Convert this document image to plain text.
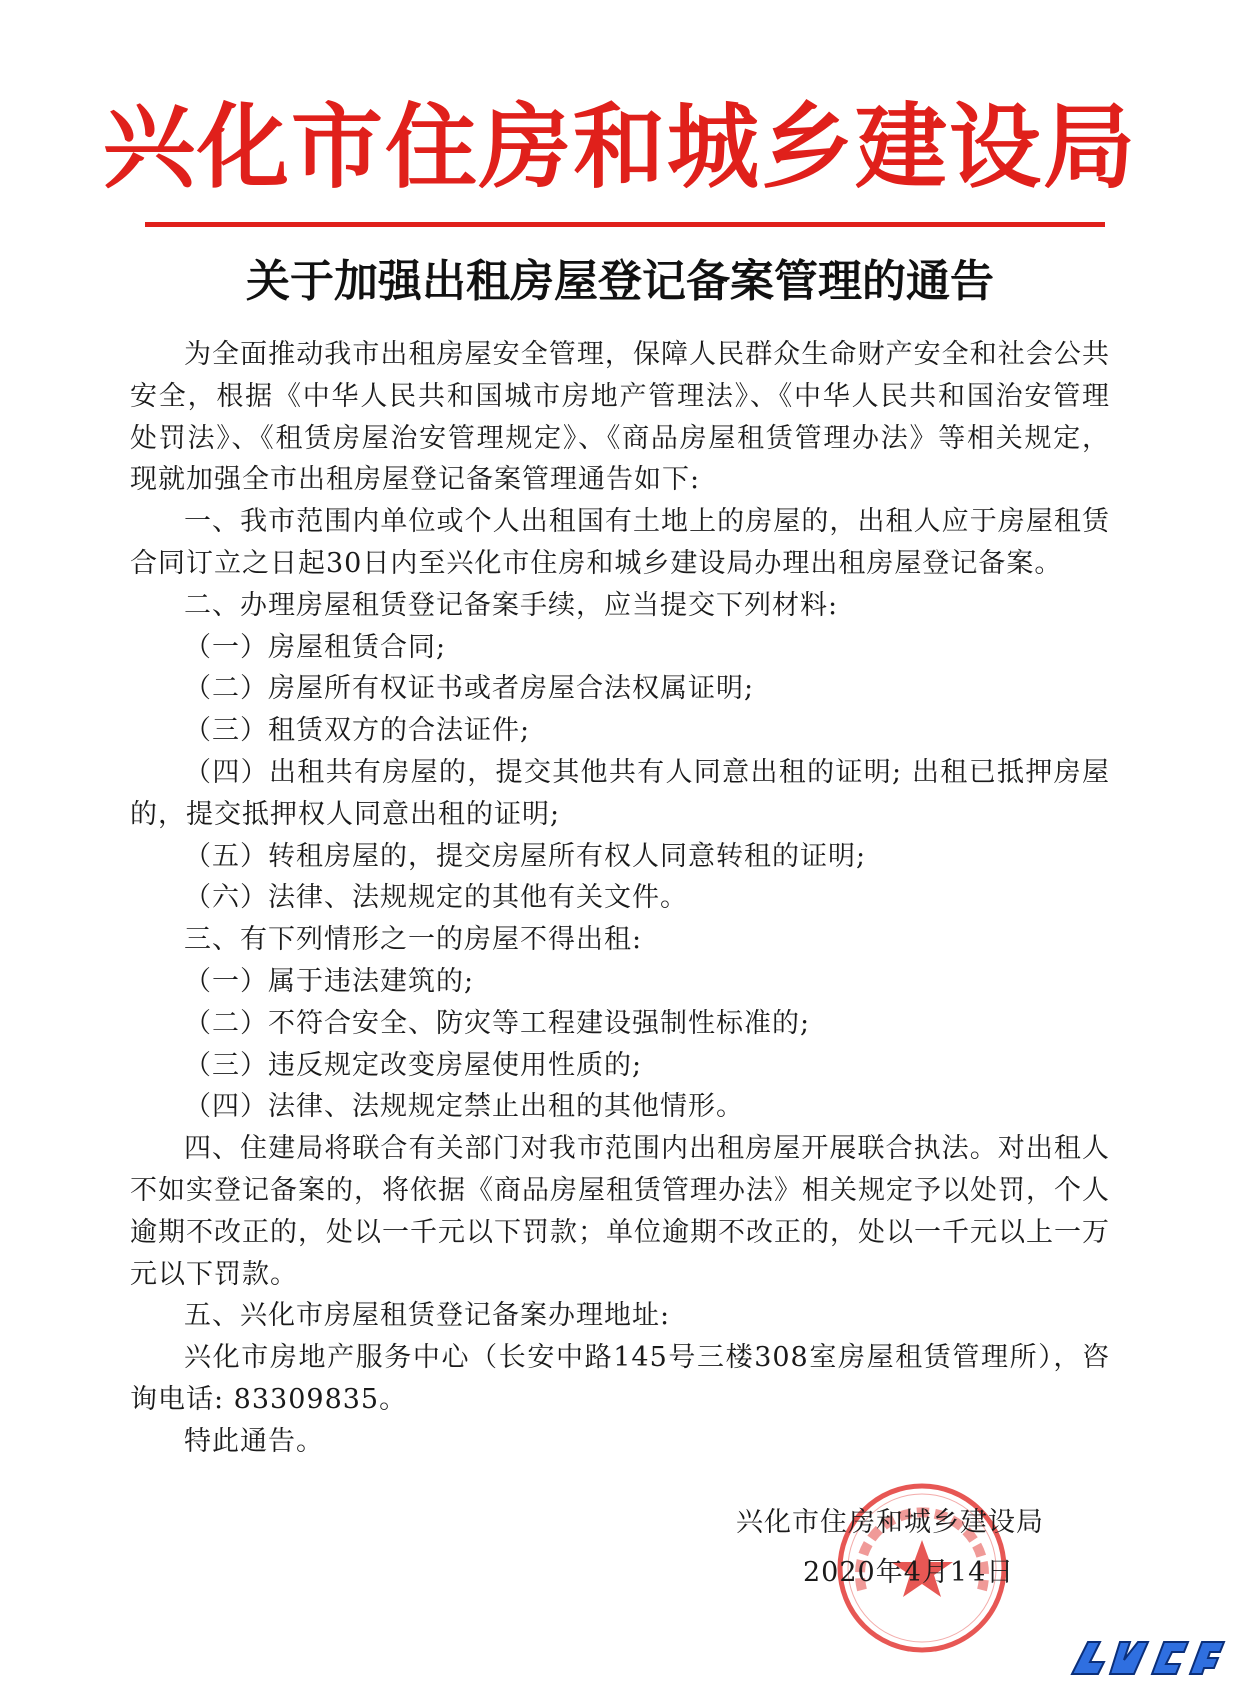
兴化市住房和城乡建设局
关于加强出租房屋登记备案管理的通告

为全面推动我市出租房屋安全管理，保障人民群众生命财产安全和社会公共安全，根据《中华人民共和国城市房地产管理法》、《中华人民共和国治安管理处罚法》、《租赁房屋治安管理规定》、《商品房屋租赁管理办法》等相关规定，现就加强全市出租房屋登记备案管理通告如下:

一、我市范围内单位或个人出租国有土地上的房屋的，出租人应于房屋租赁合同订立之日起30日内至兴化市住房和城乡建设局办理出租房屋登记备案。

二、办理房屋租赁登记备案手续，应当提交下列材料:

（一）房屋租赁合同;

（二）房屋所有权证书或者房屋合法权属证明;

（三）租赁双方的合法证件;

（四）出租共有房屋的，提交其他共有人同意出租的证明; 出租已抵押房屋的，提交抵押权人同意出租的证明;

（五）转租房屋的，提交房屋所有权人同意转租的证明;

（六）法律、法规规定的其他有关文件。

三、有下列情形之一的房屋不得出租:

（一）属于违法建筑的;

（二）不符合安全、防灾等工程建设强制性标准的;

（三）违反规定改变房屋使用性质的;

（四）法律、法规规定禁止出租的其他情形。

四、住建局将联合有关部门对我市范围内出租房屋开展联合执法。对出租人不如实登记备案的，将依据《商品房屋租赁管理办法》相关规定予以处罚，个人逾期不改正的，处以一千元以下罚款；单位逾期不改正的，处以一千元以上一万元以下罚款。

五、兴化市房屋租赁登记备案办理地址:

兴化市房地产服务中心（长安中路145号三楼308室房屋租赁管理所），咨询电话: 83309835。

特此通告。

兴化市住房和城乡建设局
2020年4月14日
